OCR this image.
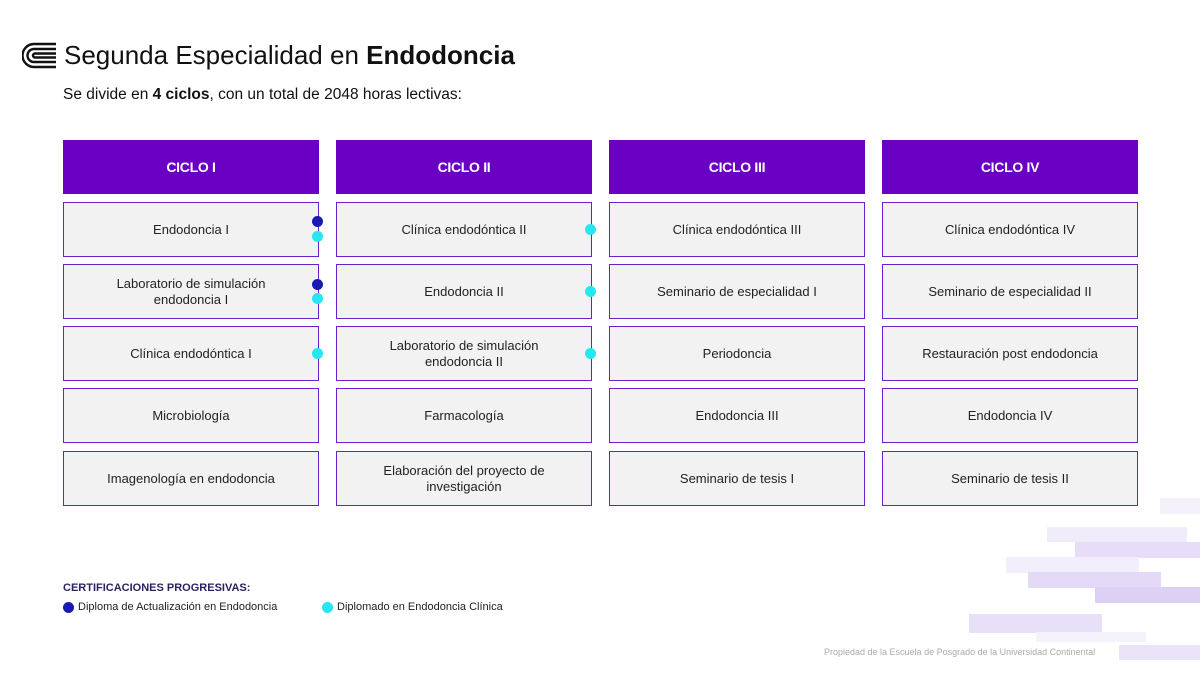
Segunda Especialidad en Endodoncia
Se divide en 4 ciclos, con un total de 2048 horas lectivas:
CICLO I
Endodoncia I
Laboratorio de simulación endodoncia I
Clínica endodóntica I
Microbiología
Imagenología en endodoncia
CICLO II
Clínica endodóntica II
Endodoncia II
Laboratorio de simulación endodoncia II
Farmacología
Elaboración del proyecto de investigación
CICLO III
Clínica endodóntica III
Seminario de especialidad I
Periodoncia
Endodoncia III
Seminario de tesis I
CICLO IV
Clínica endodóntica IV
Seminario de especialidad II
Restauración post endodoncia
Endodoncia IV
Seminario de tesis II
CERTIFICACIONES PROGRESIVAS:
Diploma de Actualización en Endodoncia	Diplomado en Endodoncia Clínica
Propiedad de la Escuela de Posgrado de la Universidad Continental
